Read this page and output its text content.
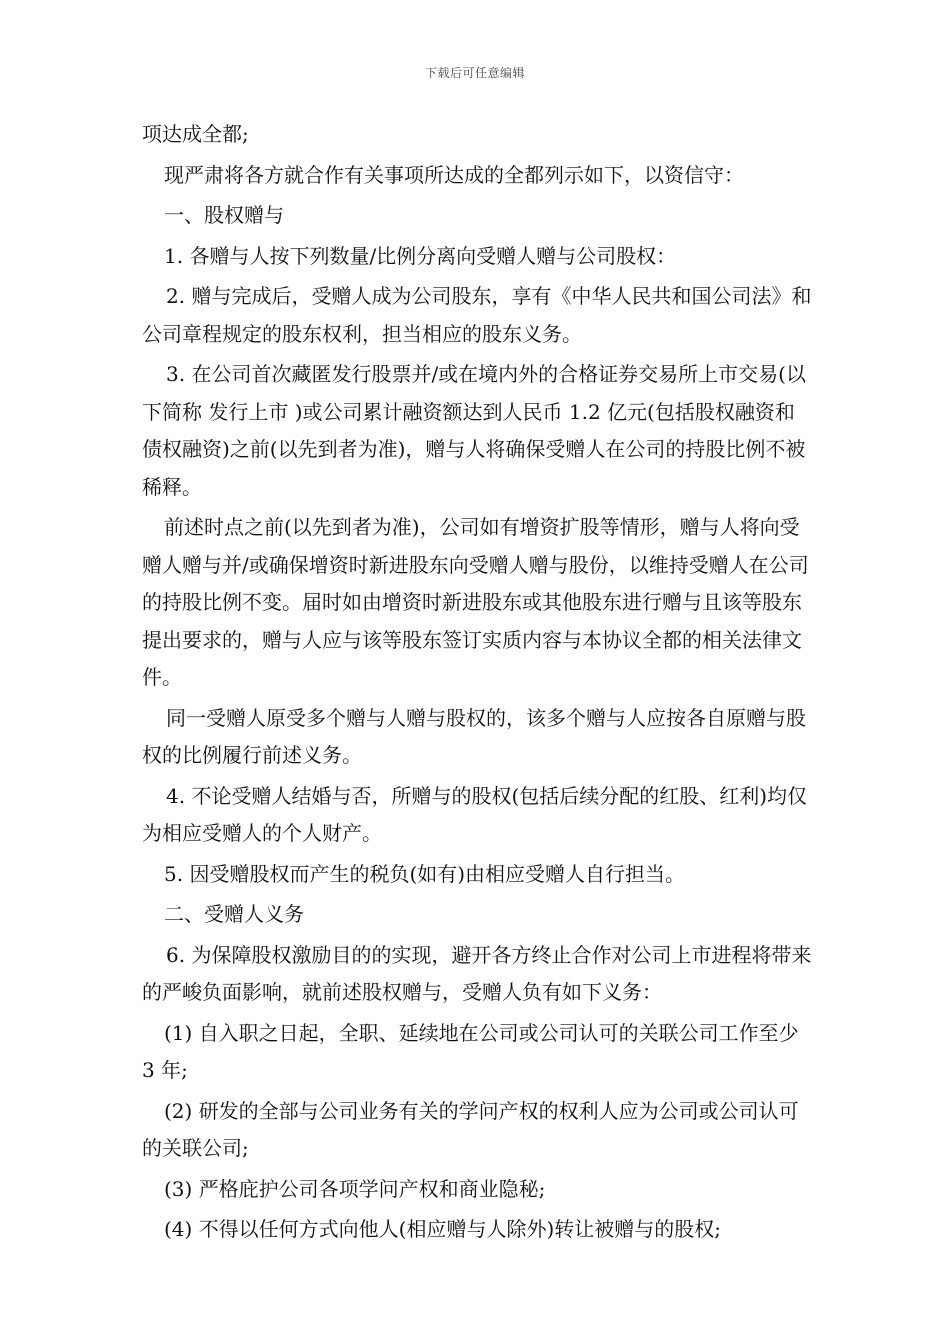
下载后可任意编辑

项达成全都;

现严肃将各方就合作有关事项所达成的全都列示如下，以资信守：

一、股权赠与

1. 各赠与人按下列数量/比例分离向受赠人赠与公司股权：

2. 赠与完成后，受赠人成为公司股东，享有《中华人民共和国公司法》和公司章程规定的股东权利，担当相应的股东义务。

3. 在公司首次藏匿发行股票并/或在境内外的合格证券交易所上市交易(以下简称 发行上市 )或公司累计融资额达到人民币 1.2 亿元(包括股权融资和债权融资)之前(以先到者为准)，赠与人将确保受赠人在公司的持股比例不被稀释。

前述时点之前(以先到者为准)，公司如有增资扩股等情形，赠与人将向受赠人赠与并/或确保增资时新进股东向受赠人赠与股份，以维持受赠人在公司的持股比例不变。届时如由增资时新进股东或其他股东进行赠与且该等股东提出要求的，赠与人应与该等股东签订实质内容与本协议全都的相关法律文件。

同一受赠人原受多个赠与人赠与股权的，该多个赠与人应按各自原赠与股权的比例履行前述义务。

4. 不论受赠人结婚与否，所赠与的股权(包括后续分配的红股、红利)均仅为相应受赠人的个人财产。

5. 因受赠股权而产生的税负(如有)由相应受赠人自行担当。

二、受赠人义务

6. 为保障股权激励目的的实现，避开各方终止合作对公司上市进程将带来的严峻负面影响，就前述股权赠与，受赠人负有如下义务：

(1) 自入职之日起，全职、延续地在公司或公司认可的关联公司工作至少 3 年;

(2) 研发的全部与公司业务有关的学问产权的权利人应为公司或公司认可的关联公司;

(3) 严格庇护公司各项学问产权和商业隐秘;

(4) 不得以任何方式向他人(相应赠与人除外)转让被赠与的股权;
